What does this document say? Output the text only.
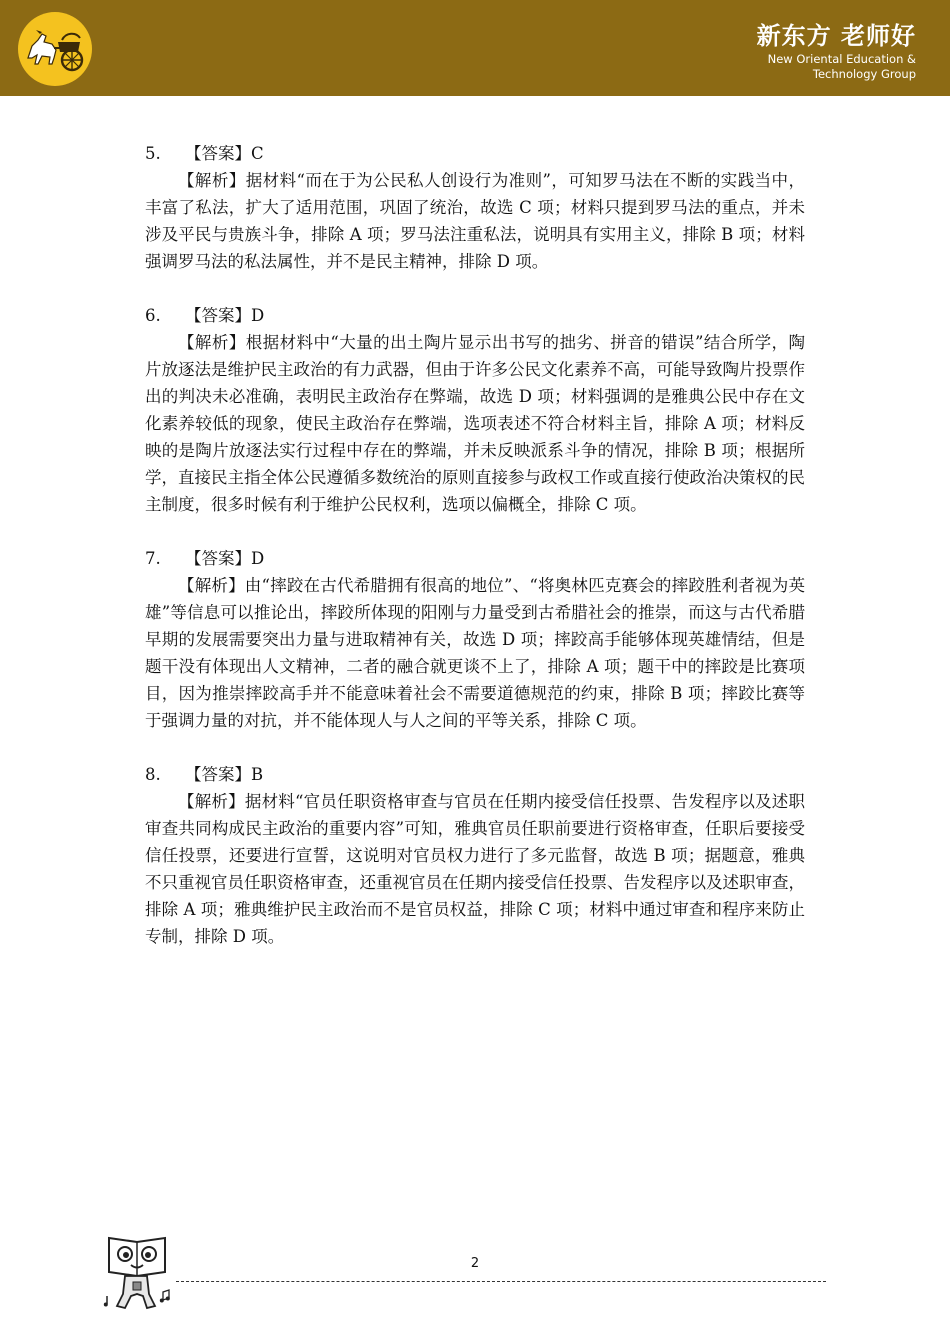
新东方 老师好
New Oriental Education &
Technology Group
5. 【答案】C

【解析】据材料“而在于为公民私人创设行为准则”，可知罗马法在不断的实践当中，丰富了私法，扩大了适用范围，巩固了统治，故选 C 项；材料只提到罗马法的重点，并未涉及平民与贵族斗争，排除 A 项；罗马法注重私法，说明具有实用主义，排除 B 项；材料强调罗马法的私法属性，并不是民主精神，排除 D 项。

6. 【答案】D

【解析】根据材料中“大量的出土陶片显示出书写的拙劣、拼音的错误”结合所学，陶片放逐法是维护民主政治的有力武器，但由于许多公民文化素养不高，可能导致陶片投票作出的判决未必准确，表明民主政治存在弊端，故选 D 项；材料强调的是雅典公民中存在文化素养较低的现象，使民主政治存在弊端，选项表述不符合材料主旨，排除 A 项；材料反映的是陶片放逐法实行过程中存在的弊端，并未反映派系斗争的情况，排除 B 项；根据所学，直接民主指全体公民遵循多数统治的原则直接参与政权工作或直接行使政治决策权的民主制度，很多时候有利于维护公民权利，选项以偏概全，排除 C 项。

7. 【答案】D

【解析】由“摔跤在古代希腊拥有很高的地位”、“将奥林匹克赛会的摔跤胜利者视为英雄”等信息可以推论出，摔跤所体现的阳刚与力量受到古希腊社会的推崇，而这与古代希腊早期的发展需要突出力量与进取精神有关，故选 D 项；摔跤高手能够体现英雄情结，但是题干没有体现出人文精神，二者的融合就更谈不上了，排除 A 项；题干中的摔跤是比赛项目，因为推崇摔跤高手并不能意味着社会不需要道德规范的约束，排除 B 项；摔跤比赛等于强调力量的对抗，并不能体现人与人之间的平等关系，排除 C 项。

8. 【答案】B

【解析】据材料“官员任职资格审查与官员在任期内接受信任投票、告发程序以及述职审查共同构成民主政治的重要内容”可知，雅典官员任职前要进行资格审查，任职后要接受信任投票，还要进行宣誓，这说明对官员权力进行了多元监督，故选 B 项；据题意，雅典不只重视官员任职资格审查，还重视官员在任期内接受信任投票、告发程序以及述职审查，排除 A 项；雅典维护民主政治而不是官员权益，排除 C 项；材料中通过审查和程序来防止专制，排除 D 项。

2
